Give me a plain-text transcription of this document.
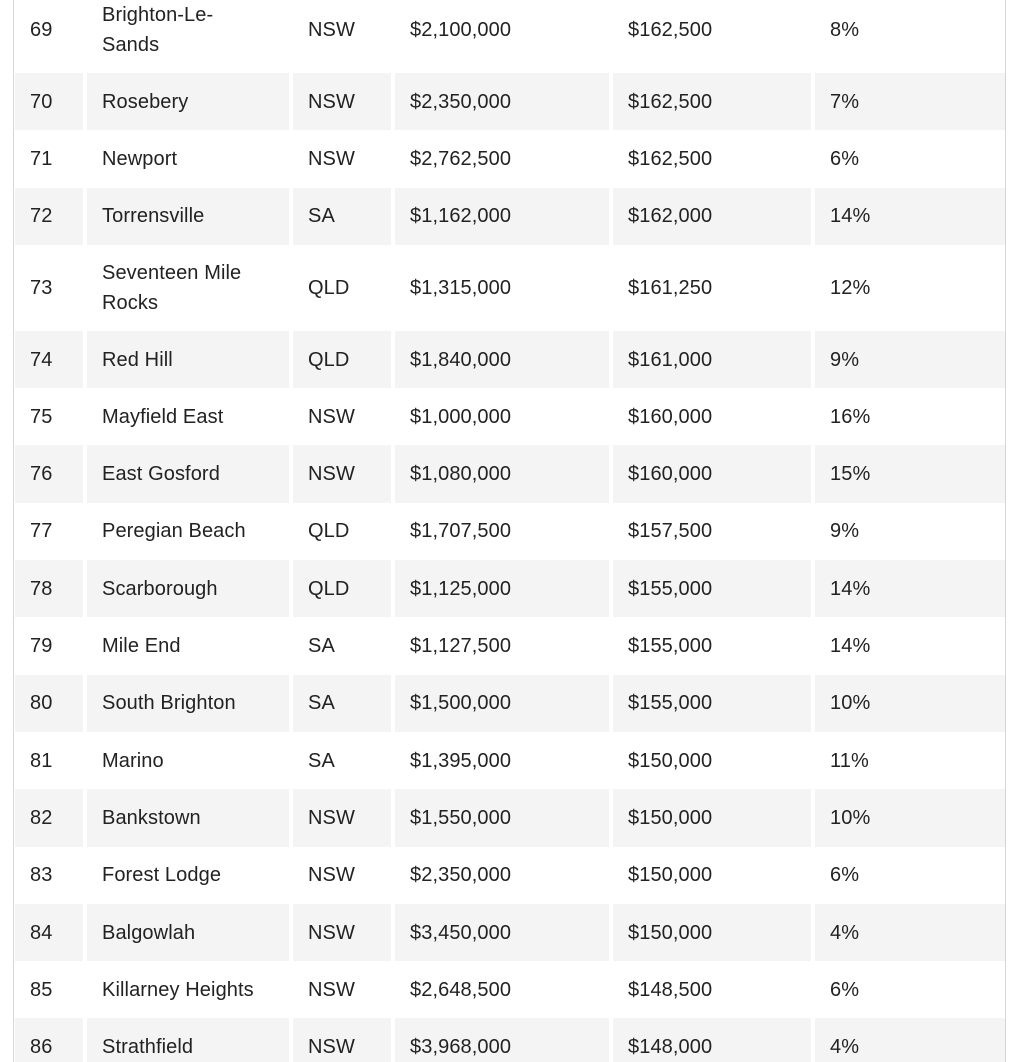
69	Brighton-Le-Sands	NSW	$2,100,000	$162,500	8%
70	Rosebery	NSW	$2,350,000	$162,500	7%
71	Newport	NSW	$2,762,500	$162,500	6%
72	Torrensville	SA	$1,162,000	$162,000	14%
73	Seventeen Mile Rocks	QLD	$1,315,000	$161,250	12%
74	Red Hill	QLD	$1,840,000	$161,000	9%
75	Mayfield East	NSW	$1,000,000	$160,000	16%
76	East Gosford	NSW	$1,080,000	$160,000	15%
77	Peregian Beach	QLD	$1,707,500	$157,500	9%
78	Scarborough	QLD	$1,125,000	$155,000	14%
79	Mile End	SA	$1,127,500	$155,000	14%
80	South Brighton	SA	$1,500,000	$155,000	10%
81	Marino	SA	$1,395,000	$150,000	11%
82	Bankstown	NSW	$1,550,000	$150,000	10%
83	Forest Lodge	NSW	$2,350,000	$150,000	6%
84	Balgowlah	NSW	$3,450,000	$150,000	4%
85	Killarney Heights	NSW	$2,648,500	$148,500	6%
86	Strathfield	NSW	$3,968,000	$148,000	4%
